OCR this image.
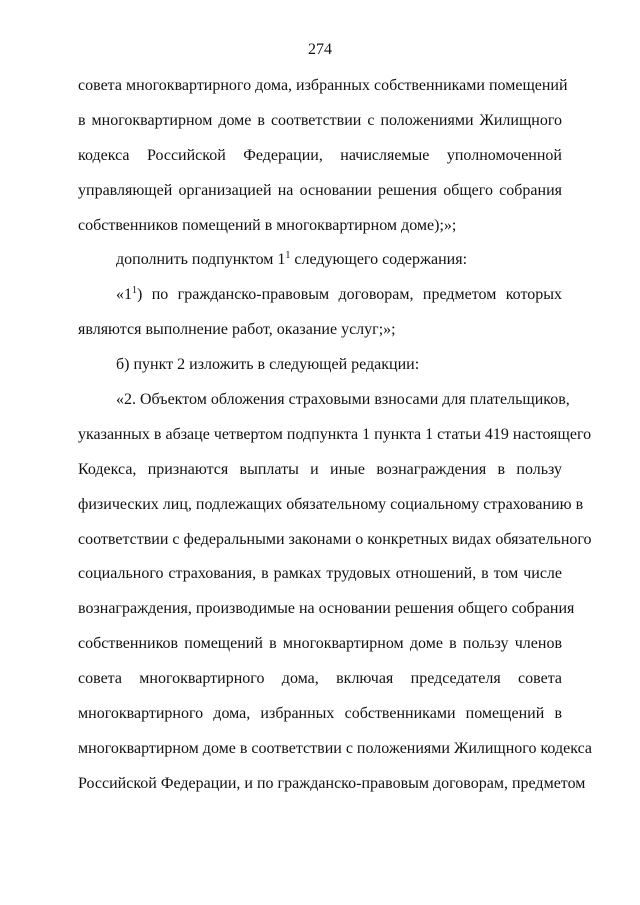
274
совета многоквартирного дома, избранных собственниками помещений
в многоквартирном доме в соответствии с положениями Жилищного
кодекса Российской Федерации, начисляемые уполномоченной
управляющей организацией на основании решения общего собрания
собственников помещений в многоквартирном доме);»;
дополнить подпунктом $1^1$ следующего содержания:
«$1^1$) по гражданско-правовым договорам, предметом которых
являются выполнение работ, оказание услуг;»;
б) пункт 2 изложить в следующей редакции:
«2. Объектом обложения страховыми взносами для плательщиков,
указанных в абзаце четвертом подпункта 1 пункта 1 статьи 419 настоящего
Кодекса, признаются выплаты и иные вознаграждения в пользу
физических лиц, подлежащих обязательному социальному страхованию в
соответствии с федеральными законами о конкретных видах обязательного
социального страхования, в рамках трудовых отношений, в том числе
вознаграждения, производимые на основании решения общего собрания
собственников помещений в многоквартирном доме в пользу членов
совета многоквартирного дома, включая председателя совета
многоквартирного дома, избранных собственниками помещений в
многоквартирном доме в соответствии с положениями Жилищного кодекса
Российской Федерации, и по гражданско-правовым договорам, предметом
